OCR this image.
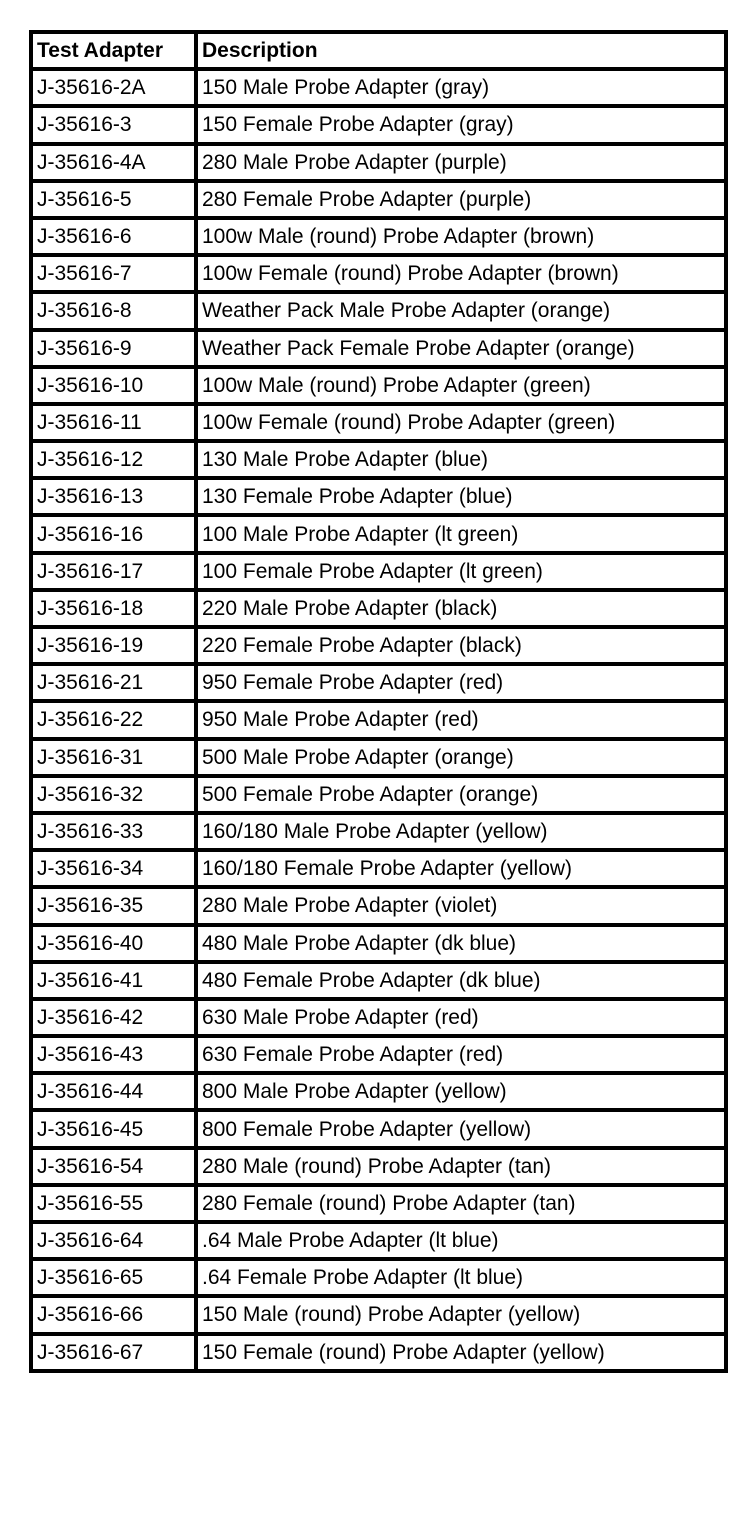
Test Adapter	Description
J-35616-2A	150 Male Probe Adapter (gray)
J-35616-3	150 Female Probe Adapter (gray)
J-35616-4A	280 Male Probe Adapter (purple)
J-35616-5	280 Female Probe Adapter (purple)
J-35616-6	100w Male (round) Probe Adapter (brown)
J-35616-7	100w Female (round) Probe Adapter (brown)
J-35616-8	Weather Pack Male Probe Adapter (orange)
J-35616-9	Weather Pack Female Probe Adapter (orange)
J-35616-10	100w Male (round) Probe Adapter (green)
J-35616-11	100w Female (round) Probe Adapter (green)
J-35616-12	130 Male Probe Adapter (blue)
J-35616-13	130 Female Probe Adapter (blue)
J-35616-16	100 Male Probe Adapter (lt green)
J-35616-17	100 Female Probe Adapter (lt green)
J-35616-18	220 Male Probe Adapter (black)
J-35616-19	220 Female Probe Adapter (black)
J-35616-21	950 Female Probe Adapter (red)
J-35616-22	950 Male Probe Adapter (red)
J-35616-31	500 Male Probe Adapter (orange)
J-35616-32	500 Female Probe Adapter (orange)
J-35616-33	160/180 Male Probe Adapter (yellow)
J-35616-34	160/180 Female Probe Adapter (yellow)
J-35616-35	280 Male Probe Adapter (violet)
J-35616-40	480 Male Probe Adapter (dk blue)
J-35616-41	480 Female Probe Adapter (dk blue)
J-35616-42	630 Male Probe Adapter (red)
J-35616-43	630 Female Probe Adapter (red)
J-35616-44	800 Male Probe Adapter (yellow)
J-35616-45	800 Female Probe Adapter (yellow)
J-35616-54	280 Male (round) Probe Adapter (tan)
J-35616-55	280 Female (round) Probe Adapter (tan)
J-35616-64	.64 Male Probe Adapter (lt blue)
J-35616-65	.64 Female Probe Adapter (lt blue)
J-35616-66	150 Male (round) Probe Adapter (yellow)
J-35616-67	150 Female (round) Probe Adapter (yellow)
